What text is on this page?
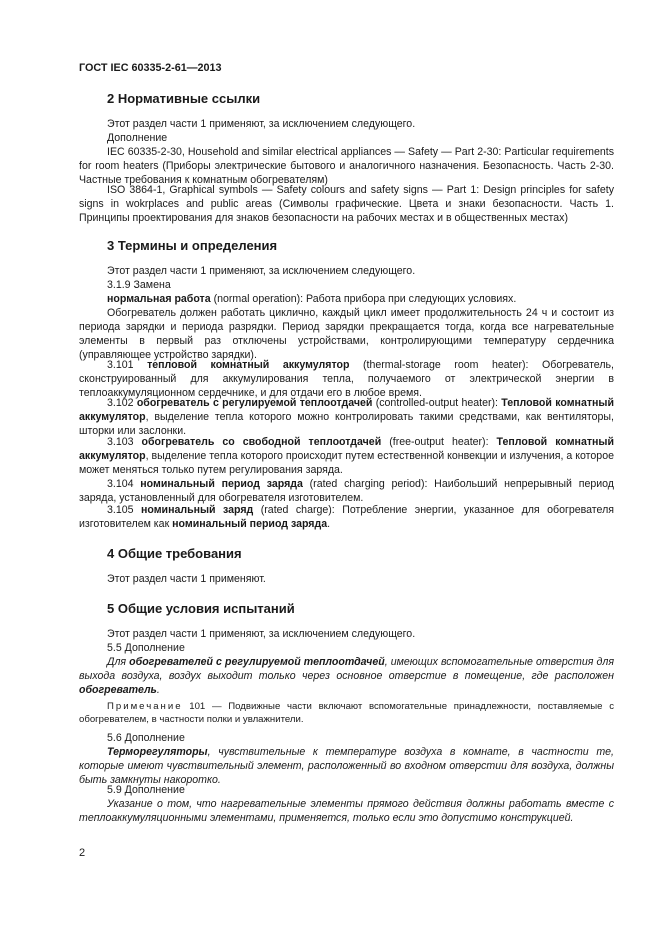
ГОСТ IEC 60335-2-61—2013
2 Нормативные ссылки
Этот раздел части 1 применяют, за исключением следующего.
Дополнение
IEC 60335-2-30, Household and similar electrical appliances — Safety — Part 2-30: Particular requirements for room heaters (Приборы электрические бытового и аналогичного назначения. Безопасность. Часть 2-30. Частные требования к комнатным обогревателям)
ISO 3864-1, Graphical symbols — Safety colours and safety signs — Part 1: Design principles for safety signs in wokrplaces and public areas (Символы графические. Цвета и знаки безопасности. Часть 1. Принципы проектирования для знаков безопасности на рабочих местах и в общественных местах)
3 Термины и определения
Этот раздел части 1 применяют, за исключением следующего.
3.1.9 Замена
нормальная работа (normal operation): Работа прибора при следующих условиях.
Обогреватель должен работать циклично, каждый цикл имеет продолжительность 24 ч и состоит из периода зарядки и периода разрядки. Период зарядки прекращается тогда, когда все нагревательные элементы в первый раз отключены устройствами, контролирующими температуру сердечника (управляющее устройство зарядки).
3.101 тепловой комнатный аккумулятор (thermal-storage room heater): Обогреватель, сконструированный для аккумулирования тепла, получаемого от электрической энергии в теплоаккумуляционном сердечнике, и для отдачи его в любое время.
3.102 обогреватель с регулируемой теплоотдачей (controlled-output heater): Тепловой комнатный аккумулятор, выделение тепла которого можно контролировать такими средствами, как вентиляторы, шторки или заслонки.
3.103 обогреватель со свободной теплоотдачей (free-output heater): Тепловой комнатный аккумулятор, выделение тепла которого происходит путем естественной конвекции и излучения, а которое может меняться только путем регулирования заряда.
3.104 номинальный период заряда (rated charging period): Наибольший непрерывный период заряда, установленный для обогревателя изготовителем.
3.105 номинальный заряд (rated charge): Потребление энергии, указанное для обогревателя изготовителем как номинальный период заряда.
4 Общие требования
Этот раздел части 1 применяют.
5 Общие условия испытаний
Этот раздел части 1 применяют, за исключением следующего.
5.5 Дополнение
Для обогревателей с регулируемой теплоотдачей, имеющих вспомогательные отверстия для выхода воздуха, воздух выходит только через основное отверстие в помещение, где расположен обогреватель.
Примечание 101 — Подвижные части включают вспомогательные принадлежности, поставляемые с обогревателем, в частности полки и увлажнители.
5.6 Дополнение
Терморегуляторы, чувствительные к температуре воздуха в комнате, в частности те, которые имеют чувствительный элемент, расположенный во входном отверстии для воздуха, должны быть замкнуты накоротко.
5.9 Дополнение
Указание о том, что нагревательные элементы прямого действия должны работать вместе с теплоаккумуляционными элементами, применяется, только если это допустимо конструкцией.
2
